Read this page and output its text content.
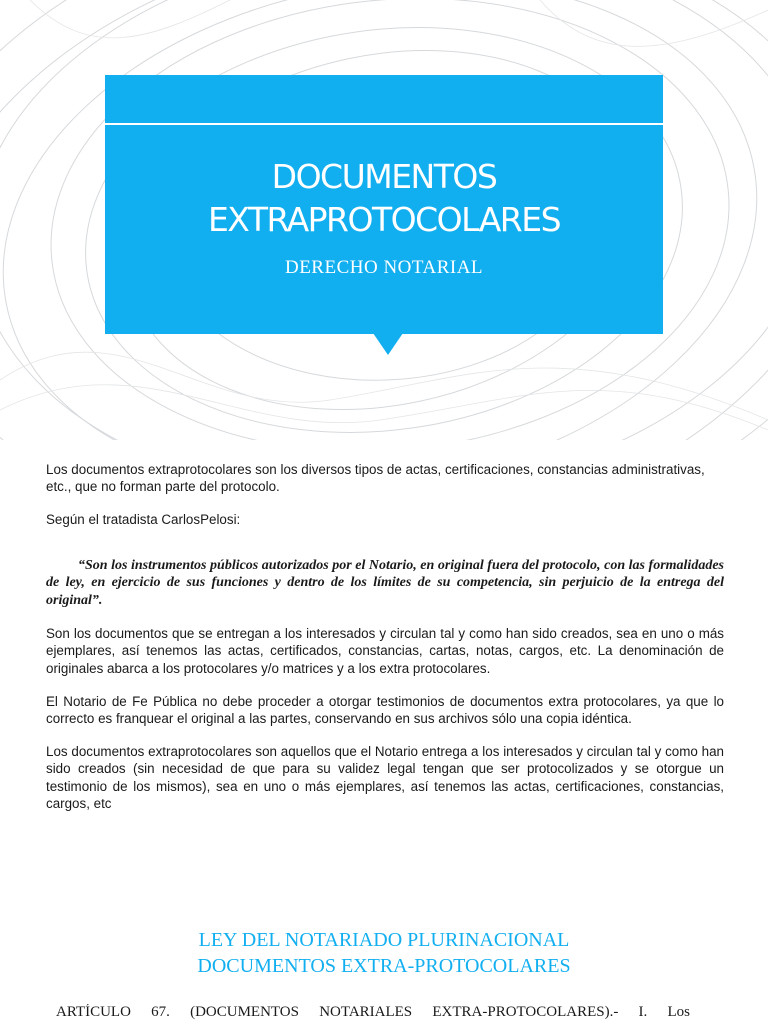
DOCUMENTOS
EXTRAPROTOCOLARES

DERECHO NOTARIAL

Los documentos extraprotocolares son los diversos tipos de actas, certificaciones, constancias administrativas, etc., que no forman parte del protocolo.

Según el tratadista CarlosPelosi:

“Son los instrumentos públicos autorizados por el Notario, en original fuera del protocolo, con las formalidades de ley, en ejercicio de sus funciones y dentro de los límites de su competencia, sin perjuicio de la entrega del original”.

Son los documentos que se entregan a los interesados y circulan tal y como han sido creados, sea en uno o más ejemplares, así tenemos las actas, certificados, constancias, cartas, notas, cargos, etc. La denominación de originales abarca a los protocolares y/o matrices y a los extra protocolares.

El Notario de Fe Pública no debe proceder a otorgar testimonios de documentos extra protocolares, ya que lo correcto es franquear el original a las partes, conservando en sus archivos sólo una copia idéntica.

Los documentos extraprotocolares son aquellos que el Notario entrega a los interesados y circulan tal y como han sido creados (sin necesidad de que para su validez legal tengan que ser protocolizados y se otorgue un testimonio de los mismos), sea en uno o más ejemplares, así tenemos las actas, certificaciones, constancias, cargos, etc

LEY DEL NOTARIADO PLURINACIONAL
DOCUMENTOS EXTRA-PROTOCOLARES
ARTÍCULO 67. (DOCUMENTOS NOTARIALES EXTRA-PROTOCOLARES).- I. Los
